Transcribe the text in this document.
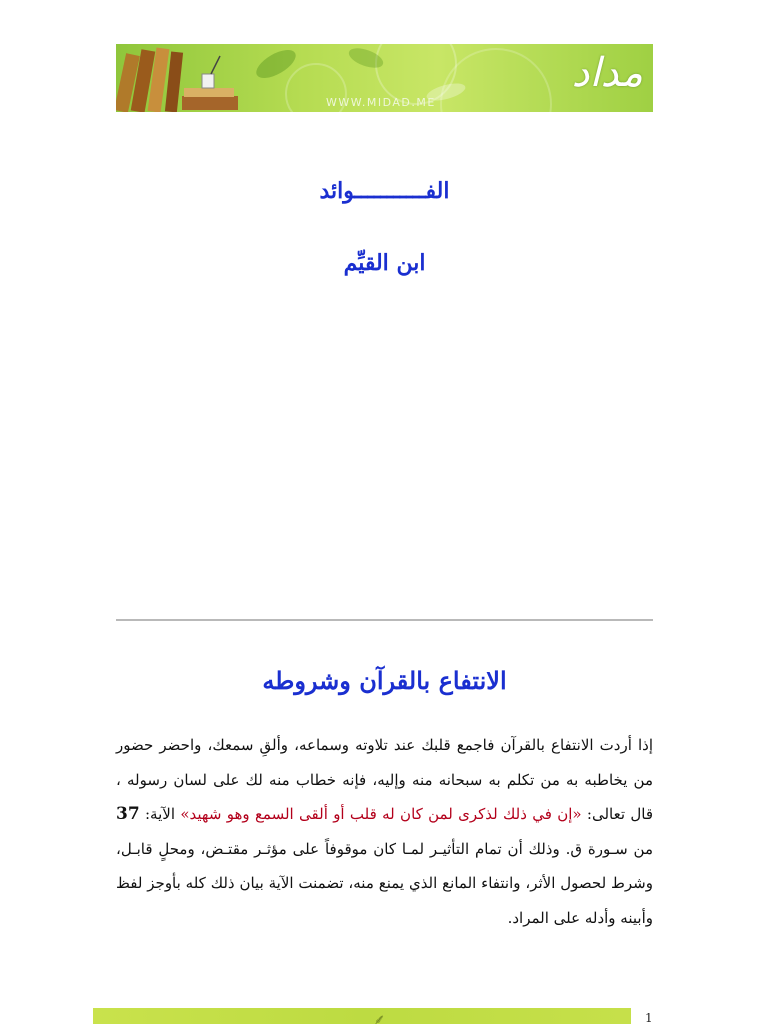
WWW.MIDAD.ME
مداد
الفـــــــــــوائد
ابن القيِّم
الانتفاع بالقرآن وشروطه
إذا أردت الانتفاع بالقرآن فاجمع قلبك عند تلاوته وسماعه، وألقِ سمعك، واحضر حضور من يخاطبه به من تكلم به سبحانه منه وإليه، فإنه خطاب منه لك على لسان رسوله ، قال تعالى: «إن في ذلك لذكرى لمن كان له قلب أو ألقى السمع وهو شهيد» الآية: 37 من سـورة ق. وذلك أن تمام التأثيـر لمـا كان موقوفاً على مؤثـر مقتـض، ومحلٍ قابـل، وشرط لحصول الأثر، وانتفاء المانع الذي يمنع منه، تضمنت الآية بيان ذلك كله بأوجز لفظ وأبينه وأدله على المراد.
⸙	1
